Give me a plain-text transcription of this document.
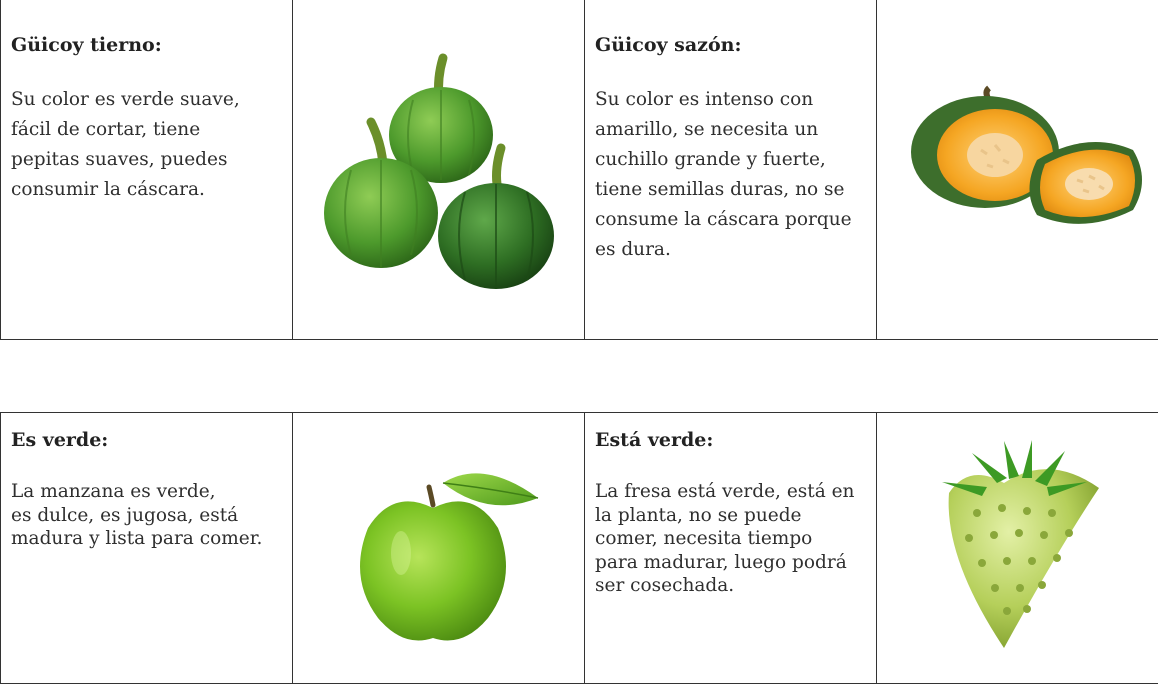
Güicoy tierno:

Su color es verde suave,
fácil de cortar, tiene
pepitas suaves, puedes
consumir la cáscara.

Güicoy sazón:

Su color es intenso con
amarillo, se necesita un
cuchillo grande y fuerte,
tiene semillas duras, no se
consume la cáscara porque
es dura.

Es verde:

La manzana es verde,
es dulce, es jugosa, está
madura y lista para comer.

Está verde:

La fresa está verde, está en
la planta, no se puede
comer, necesita tiempo
para madurar, luego podrá
ser cosechada.
